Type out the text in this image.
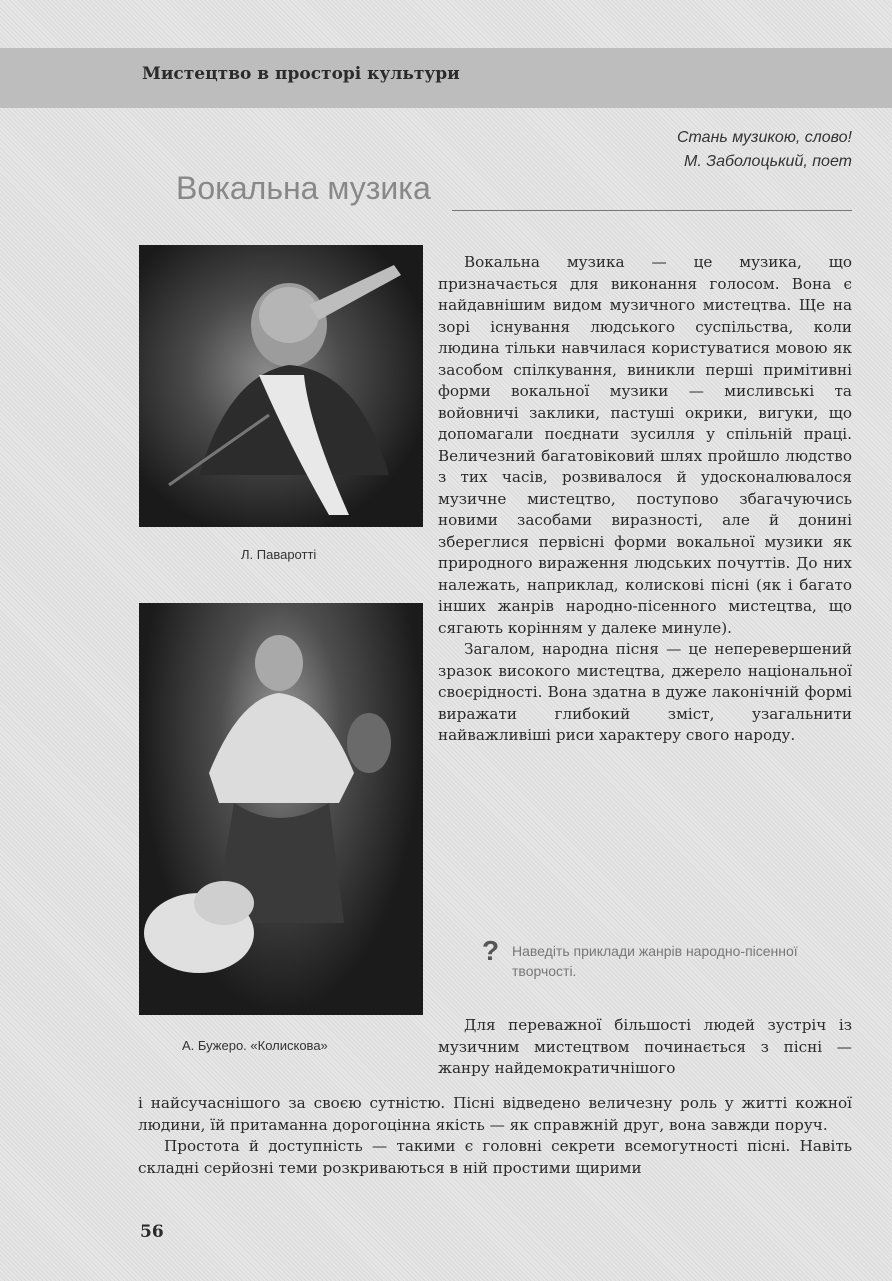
Мистецтво в просторі культури
Стань музикою, слово!
М. Заболоцький, поет
Вокальна музика
Л. Паваротті
А. Бужеро. «Колискова»

Вокальна музика — це музика, що призначається для виконання голосом. Вона є найдавнішим видом музичного мистецтва. Ще на зорі існування людського суспільства, коли людина тільки навчилася користуватися мовою як засобом спілкування, виникли перші примітивні форми вокальної музики — мисливські та войовничі заклики, пастуші окрики, вигуки, що допомагали поєднати зусилля у спільній праці. Величезний багатовіковий шлях пройшло людство з тих часів, розвивалося й удосконалювалося музичне мистецтво, поступово збагачуючись новими засобами виразності, але й донині збереглися первісні форми вокальної музики як природного вираження людських почуттів. До них належать, наприклад, колискові пісні (як і багато інших жанрів народно-пісенного мистецтва, що сягають корінням у далеке минуле).

Загалом, народна пісня — це неперевершений зразок високого мистецтва, джерело національної своєрідності. Вона здатна в дуже лаконічній формі виражати глибокий зміст, узагальнити найважливіші риси характеру свого народу.

? Наведіть приклади жанрів народно-пісенної творчості.

Для переважної більшості людей зустріч із музичним мистецтвом починається з пісні — жанру найдемократичнішого

і найсучаснішого за своєю сутністю. Пісні відведено величезну роль у житті кожної людини, їй притаманна дорогоцінна якість — як справжній друг, вона завжди поруч.

Простота й доступність — такими є головні секрети всемогутності пісні. Навіть складні серйозні теми розкриваються в ній простими щирими

56
